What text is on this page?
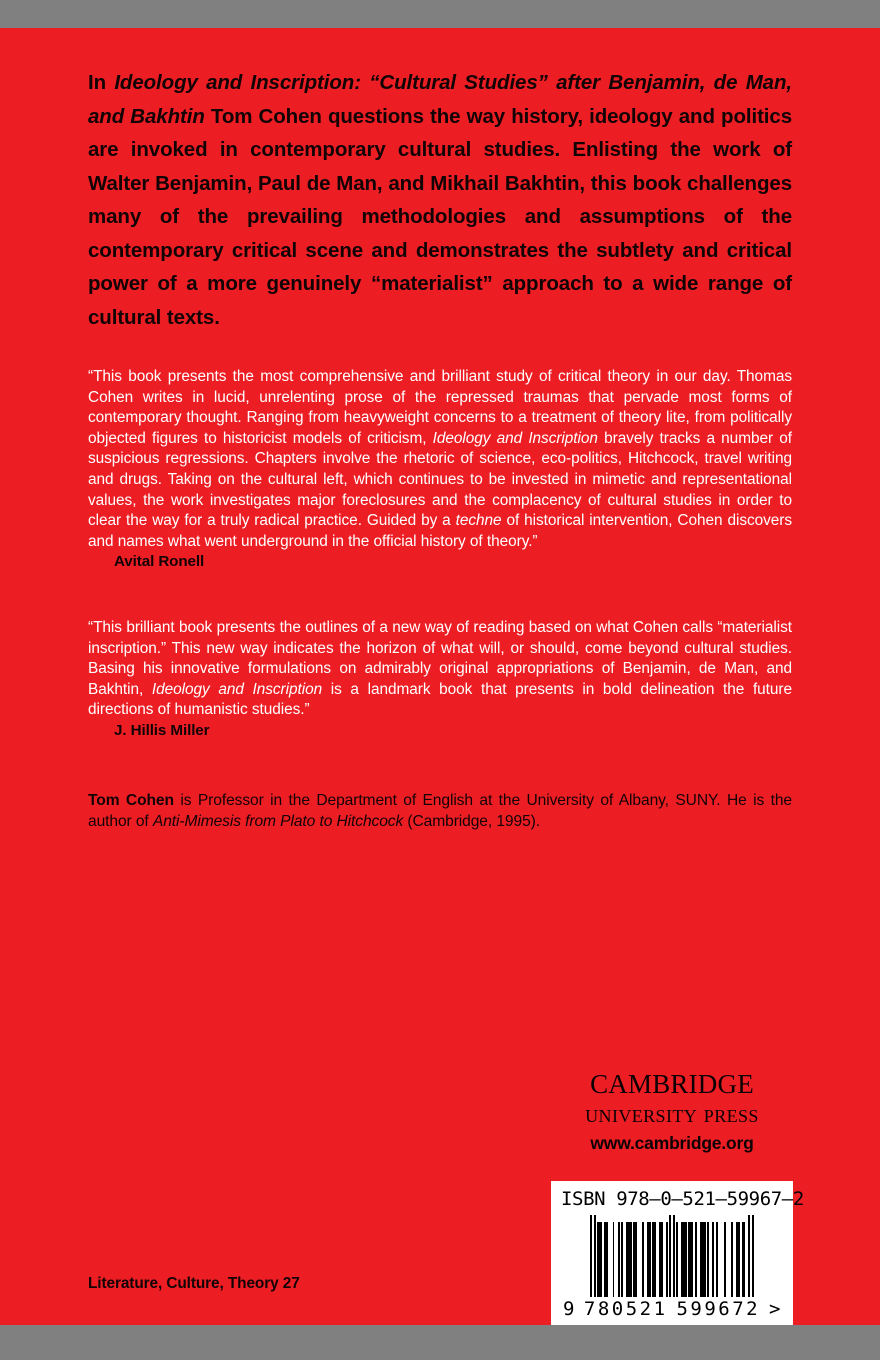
In Ideology and Inscription: “Cultural Studies” after Benjamin, de Man, and Bakhtin Tom Cohen questions the way history, ideology and politics are invoked in contemporary cultural studies. Enlisting the work of Walter Benjamin, Paul de Man, and Mikhail Bakhtin, this book challenges many of the prevailing methodologies and assumptions of the contemporary critical scene and demonstrates the subtlety and critical power of a more genuinely “materialist” approach to a wide range of cultural texts.

“This book presents the most comprehensive and brilliant study of critical theory in our day. Thomas Cohen writes in lucid, unrelenting prose of the repressed traumas that pervade most forms of contemporary thought. Ranging from heavyweight concerns to a treatment of theory lite, from politically objected figures to historicist models of criticism, Ideology and Inscription bravely tracks a number of suspicious regressions. Chapters involve the rhetoric of science, eco-politics, Hitchcock, travel writing and drugs. Taking on the cultural left, which continues to be invested in mimetic and representational values, the work investigates major foreclosures and the complacency of cultural studies in order to clear the way for a truly radical practice. Guided by a techne of historical intervention, Cohen discovers and names what went underground in the official history of theory.”

Avital Ronell

“This brilliant book presents the outlines of a new way of reading based on what Cohen calls “materialist inscription.” This new way indicates the horizon of what will, or should, come beyond cultural studies. Basing his innovative formulations on admirably original appropriations of Benjamin, de Man, and Bakhtin, Ideology and Inscription is a landmark book that presents in bold delineation the future directions of humanistic studies.”

J. Hillis Miller

Tom Cohen is Professor in the Department of English at the University of Albany, SUNY. He is the author of Anti-Mimesis from Plato to Hitchcock (Cambridge, 1995).

cambridge
university press
www.cambridge.org
ISBN 978–0–521–59967–2
9 780521 599672 >
Literature, Culture, Theory 27
